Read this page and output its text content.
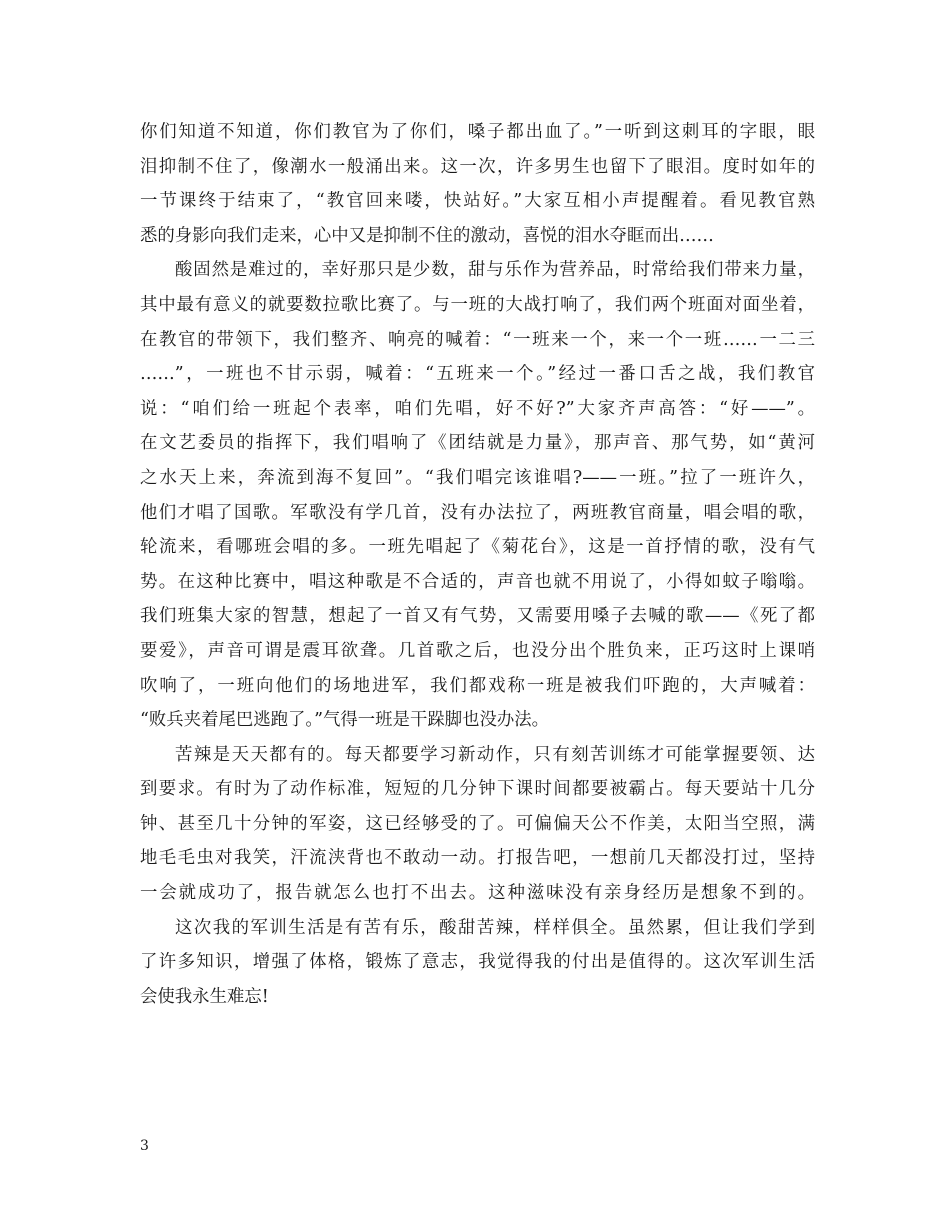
你们知道不知道，你们教官为了你们，嗓子都出血了。”一听到这刺耳的字眼，眼
泪抑制不住了，像潮水一般涌出来。这一次，许多男生也留下了眼泪。度时如年的
一节课终于结束了，“教官回来喽，快站好。”大家互相小声提醒着。看见教官熟
悉的身影向我们走来，心中又是抑制不住的激动，喜悦的泪水夺眶而出……
酸固然是难过的，幸好那只是少数，甜与乐作为营养品，时常给我们带来力量，
其中最有意义的就要数拉歌比赛了。与一班的大战打响了，我们两个班面对面坐着，
在教官的带领下，我们整齐、响亮的喊着：“一班来一个，来一个一班……一二三
……”，一班也不甘示弱，喊着：“五班来一个。”经过一番口舌之战，我们教官
说：“咱们给一班起个表率，咱们先唱，好不好?”大家齐声高答：“好——”。
在文艺委员的指挥下，我们唱响了《团结就是力量》，那声音、那气势，如“黄河
之水天上来，奔流到海不复回”。“我们唱完该谁唱?——一班。”拉了一班许久，
他们才唱了国歌。军歌没有学几首，没有办法拉了，两班教官商量，唱会唱的歌，
轮流来，看哪班会唱的多。一班先唱起了《菊花台》，这是一首抒情的歌，没有气
势。在这种比赛中，唱这种歌是不合适的，声音也就不用说了，小得如蚊子嗡嗡。
我们班集大家的智慧，想起了一首又有气势，又需要用嗓子去喊的歌——《死了都
要爱》，声音可谓是震耳欲聋。几首歌之后，也没分出个胜负来，正巧这时上课哨
吹响了，一班向他们的场地进军，我们都戏称一班是被我们吓跑的，大声喊着：
“败兵夹着尾巴逃跑了。”气得一班是干跺脚也没办法。
苦辣是天天都有的。每天都要学习新动作，只有刻苦训练才可能掌握要领、达
到要求。有时为了动作标准，短短的几分钟下课时间都要被霸占。每天要站十几分
钟、甚至几十分钟的军姿，这已经够受的了。可偏偏天公不作美，太阳当空照，满
地毛毛虫对我笑，汗流浃背也不敢动一动。打报告吧，一想前几天都没打过，坚持
一会就成功了，报告就怎么也打不出去。这种滋味没有亲身经历是想象不到的。
这次我的军训生活是有苦有乐，酸甜苦辣，样样俱全。虽然累，但让我们学到
了许多知识，增强了体格，锻炼了意志，我觉得我的付出是值得的。这次军训生活
会使我永生难忘!
3
